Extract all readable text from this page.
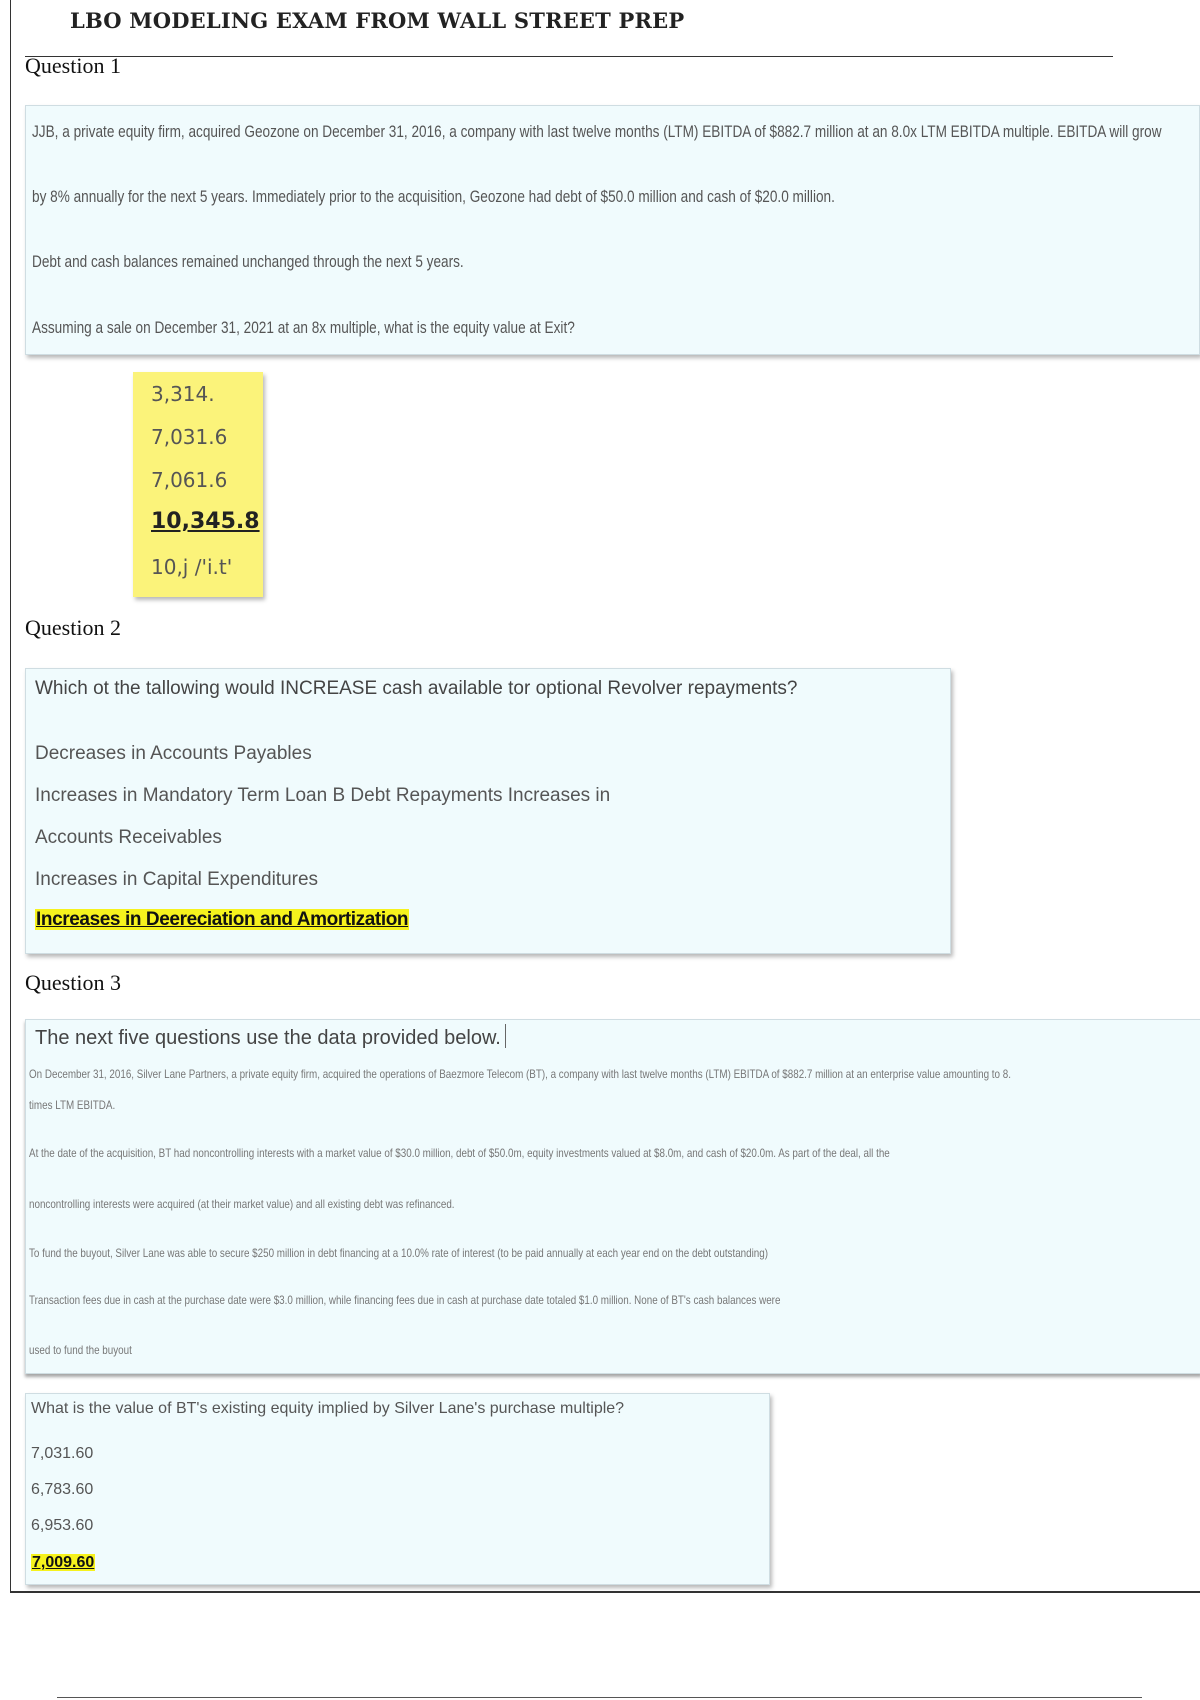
LBO MODELING EXAM FROM WALL STREET PREP
Question 1
JJB, a private equity firm, acquired Geozone on December 31, 2016, a company with last twelve months (LTM) EBITDA of $882.7 million at an 8.0x LTM EBITDA multiple. EBITDA will grow
by 8% annually for the next 5 years. Immediately prior to the acquisition, Geozone had debt of $50.0 million and cash of $20.0 million.
Debt and cash balances remained unchanged through the next 5 years.
Assuming a sale on December 31, 2021 at an 8x multiple, what is the equity value at Exit?
3,314.
7,031.6
7,061.6
10,345.8
10,j /'i.t'
Question 2
Which ot the tallowing would INCREASE cash available tor optional Revolver repayments?
Decreases in Accounts Payables
Increases in Mandatory Term Loan B Debt Repayments Increases in
Accounts Receivables
Increases in Capital Expenditures
Increases in Deereciation and Amortization
Question 3
The next five questions use the data provided below.
On December 31, 2016, Silver Lane Partners, a private equity firm, acquired the operations of Baezmore Telecom (BT), a company with last twelve months (LTM) EBITDA of $882.7 million at an enterprise value amounting to 8.
times LTM EBITDA.
At the date of the acquisition, BT had noncontrolling interests with a market value of $30.0 million, debt of $50.0m, equity investments valued at $8.0m, and cash of $20.0m. As part of the deal, all the
noncontrolling interests were acquired (at their market value) and all existing debt was refinanced.
To fund the buyout, Silver Lane was able to secure $250 million in debt financing at a 10.0% rate of interest (to be paid annually at each year end on the debt outstanding)
Transaction fees due in cash at the purchase date were $3.0 million, while financing fees due in cash at purchase date totaled $1.0 million. None of BT's cash balances were
used to fund the buyout
What is the value of BT's existing equity implied by Silver Lane's purchase multiple?
7,031.60
6,783.60
6,953.60
7,009.60
